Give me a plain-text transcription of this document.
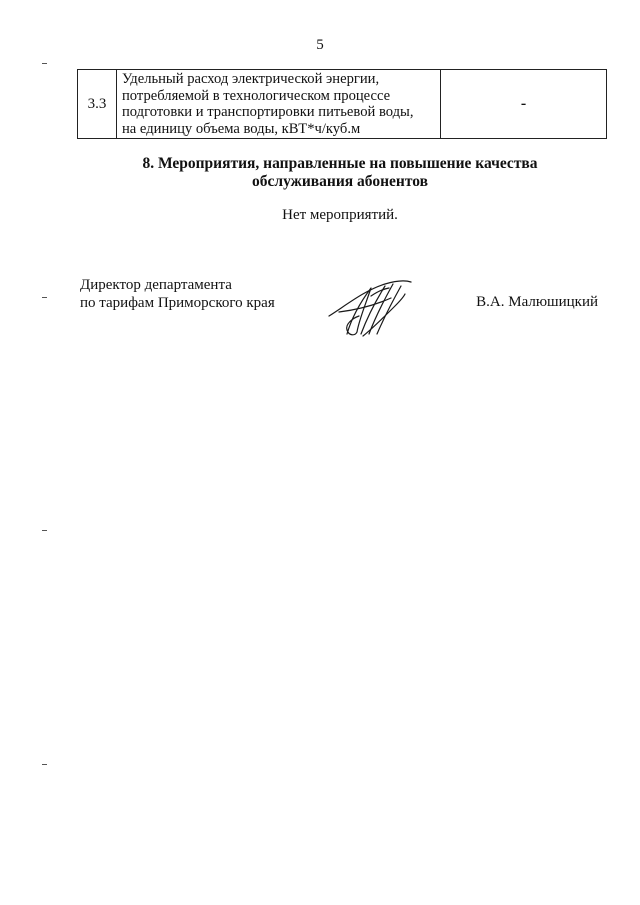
5
3.3	
Удельный расход электрической энергии,
потребляемой в технологическом процессе
подготовки и транспортировки питьевой воды,
на единицу объема воды, кВТ*ч/куб.м
	-
8. Мероприятия, направленные на повышение качества
обслуживания абонентов
Нет мероприятий.
Директор департамента
по тарифам Приморского края	В.А. Малюшицкий
